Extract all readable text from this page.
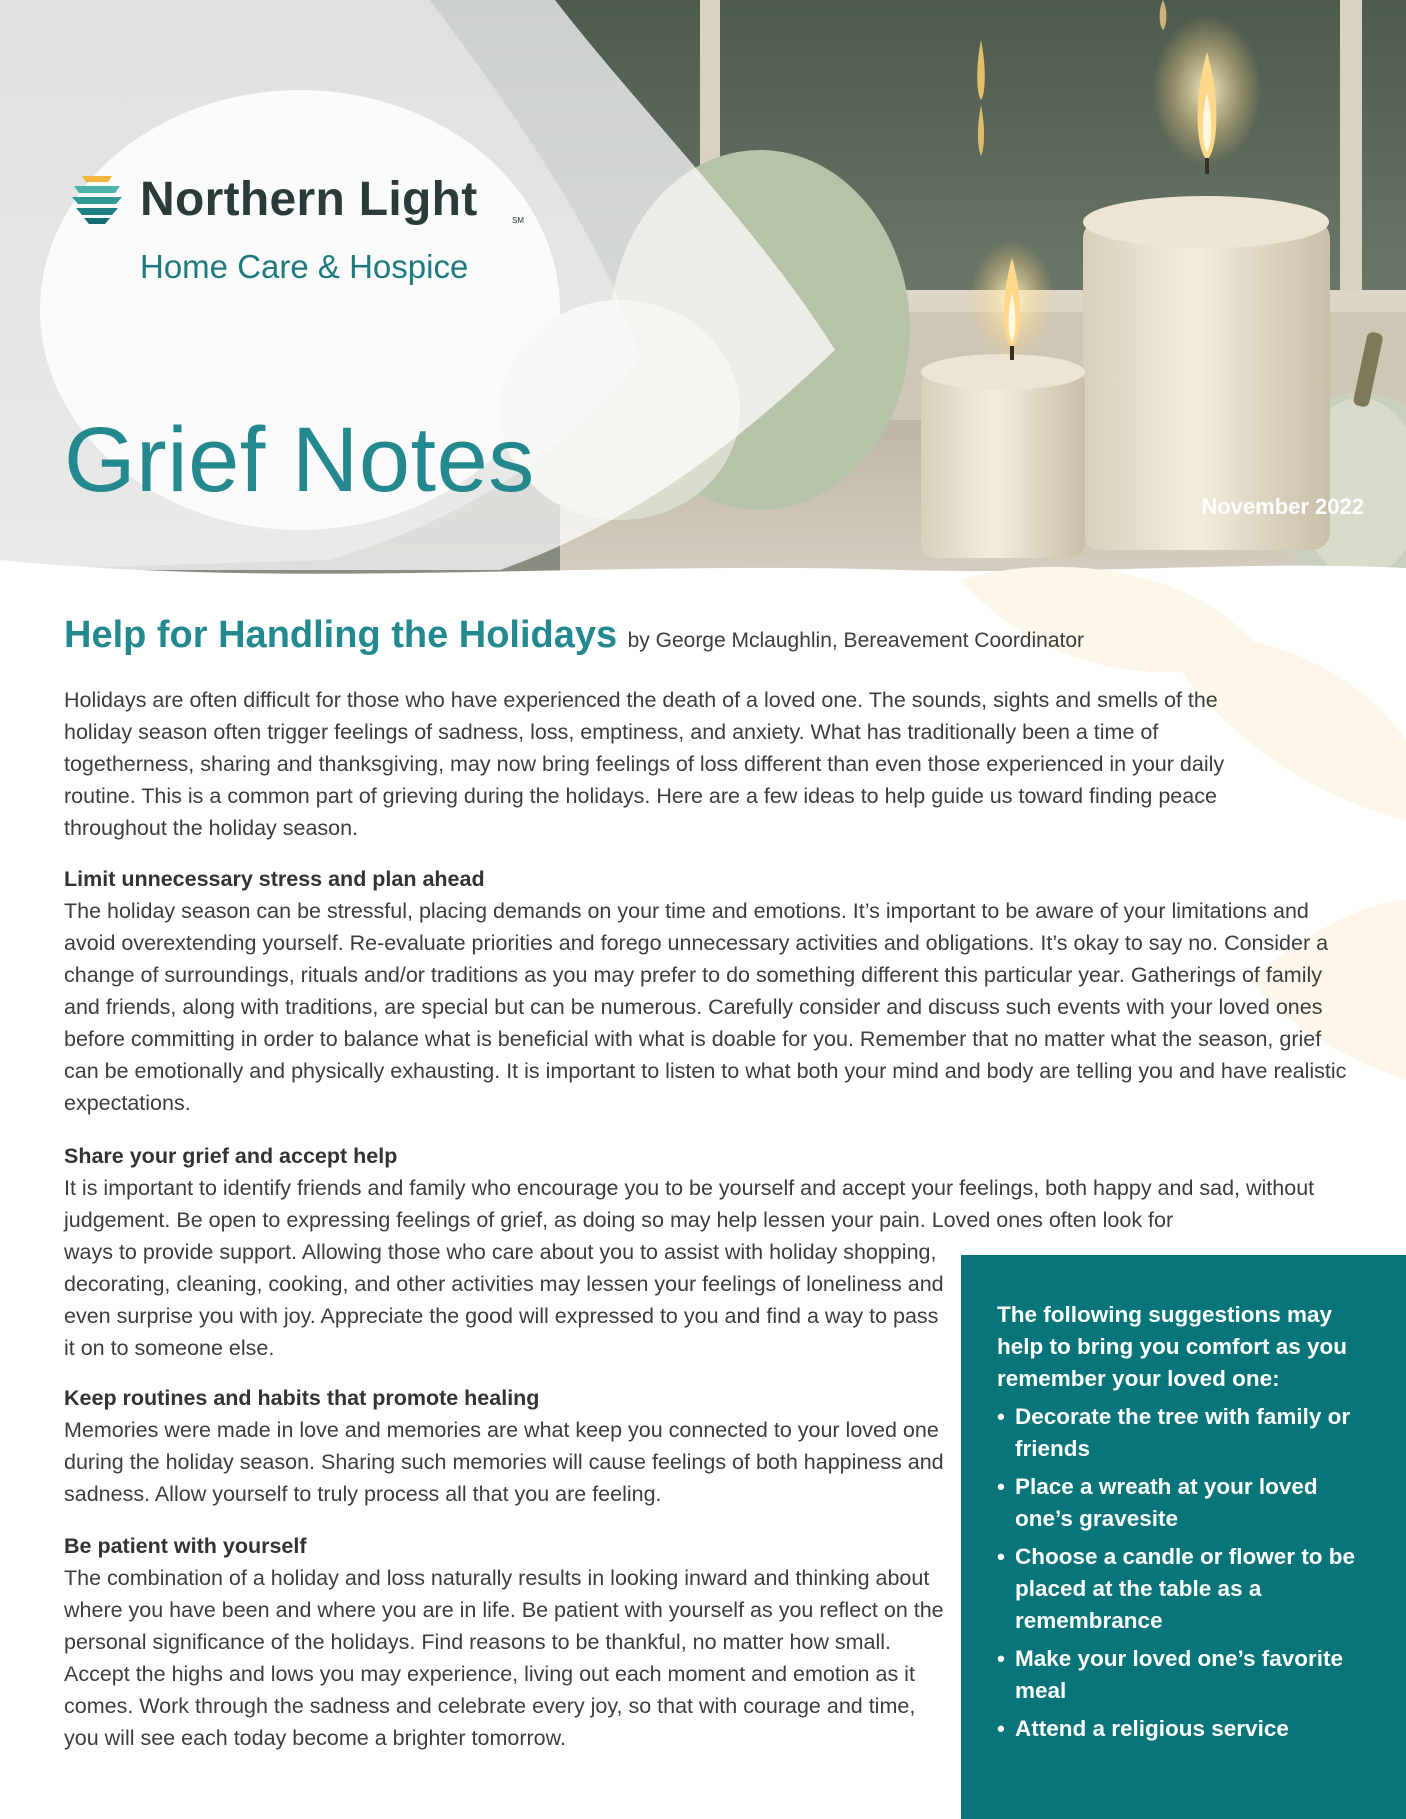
Northern Light	SM
Home Care & Hospice
Grief Notes	November 2022
Help for Handling the Holidays by George Mclaughlin, Bereavement Coordinator

Holidays are often difficult for those who have experienced the death of a loved one. The sounds, sights and smells of the holiday season often trigger feelings of sadness, loss, emptiness, and anxiety. What has traditionally been a time of togetherness, sharing and thanksgiving, may now bring feelings of loss different than even those experienced in your daily routine. This is a common part of grieving during the holidays. Here are a few ideas to help guide us toward finding peace throughout the holiday season.

Limit unnecessary stress and plan ahead
The holiday season can be stressful, placing demands on your time and emotions. It’s important to be aware of your limitations and avoid overextending yourself. Re-evaluate priorities and forego unnecessary activities and obligations. It’s okay to say no. Consider a change of surroundings, rituals and/or traditions as you may prefer to do something different this particular year. Gatherings of family and friends, along with traditions, are special but can be numerous. Carefully consider and discuss such events with your loved ones before committing in order to balance what is beneficial with what is doable for you. Remember that no matter what the season, grief can be emotionally and physically exhausting. It is important to listen to what both your mind and body are telling you and have realistic expectations.

Share your grief and accept help
It is important to identify friends and family who encourage you to be yourself and accept your feelings, both happy and sad, without judgement. Be open to expressing feelings of grief, as doing so may help lessen your pain. Loved ones often look for

ways to provide support. Allowing those who care about you to assist with holiday shopping, decorating, cleaning, cooking, and other activities may lessen your feelings of loneliness and even surprise you with joy. Appreciate the good will expressed to you and find a way to pass it on to someone else.

Keep routines and habits that promote healing
Memories were made in love and memories are what keep you connected to your loved one during the holiday season. Sharing such memories will cause feelings of both happiness and sadness. Allow yourself to truly process all that you are feeling.

Be patient with yourself
The combination of a holiday and loss naturally results in looking inward and thinking about where you have been and where you are in life. Be patient with yourself as you reflect on the personal significance of the holidays. Find reasons to be thankful, no matter how small. Accept the highs and lows you may experience, living out each moment and emotion as it comes. Work through the sadness and celebrate every joy, so that with courage and time, you will see each today become a brighter tomorrow.

The following suggestions may help to bring you comfort as you remember your loved one:

• Decorate the tree with family or friends
• Place a wreath at your loved one’s gravesite
• Choose a candle or flower to be placed at the table as a remembrance
• Make your loved one’s favorite meal
• Attend a religious service
